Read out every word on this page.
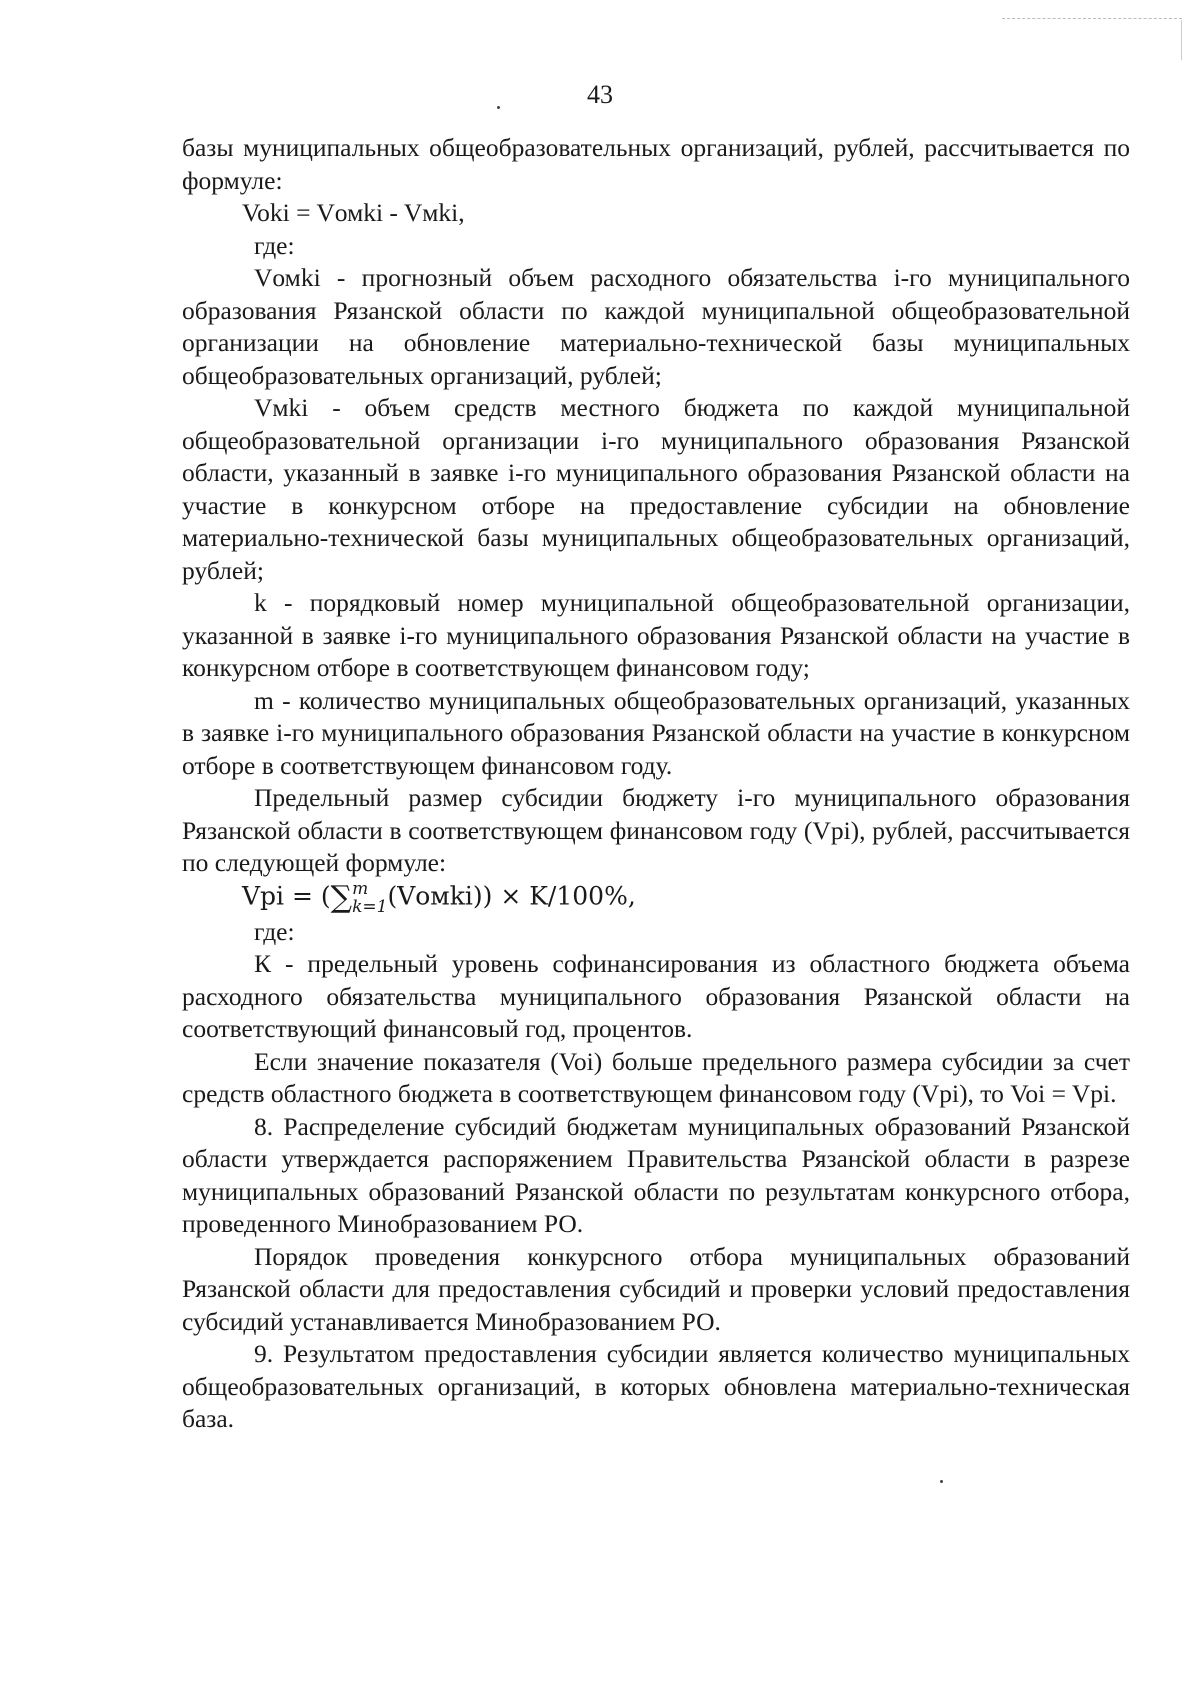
43

базы муниципальных общеобразовательных организаций, рублей, рассчитывается по формуле:

Voki = Vомki - Vмki,

где:

Vомki - прогнозный объем расходного обязательства i-го муниципального образования Рязанской области по каждой муниципальной общеобразовательной организации на обновление материально-технической базы муниципальных общеобразовательных организаций, рублей;

Vмki - объем средств местного бюджета по каждой муниципальной общеобразовательной организации i-го муниципального образования Рязанской области, указанный в заявке i-го муниципального образования Рязанской области на участие в конкурсном отборе на предоставление субсидии на обновление материально-технической базы муниципальных общеобразовательных организаций, рублей;

k - порядковый номер муниципальной общеобразовательной организации, указанной в заявке i-го муниципального образования Рязанской области на участие в конкурсном отборе в соответствующем финансовом году;

m - количество муниципальных общеобразовательных организаций, указанных в заявке i-го муниципального образования Рязанской области на участие в конкурсном отборе в соответствующем финансовом году.

Предельный размер субсидии бюджету i-го муниципального образования Рязанской области в соответствующем финансовом году (Vpi), рублей, рассчитывается по следующей формуле:

Vpi = (∑ m
k=1 (Vомki)) × K/100%,

где:

К - предельный уровень софинансирования из областного бюджета объема расходного обязательства муниципального образования Рязанской области на соответствующий финансовый год, процентов.

Если значение показателя (Voi) больше предельного размера субсидии за счет средств областного бюджета в соответствующем финансовом году (Vpi), то Voi = Vpi.

8. Распределение субсидий бюджетам муниципальных образований Рязанской области утверждается распоряжением Правительства Рязанской области в разрезе муниципальных образований Рязанской области по результатам конкурсного отбора, проведенного Минобразованием РО.

Порядок проведения конкурсного отбора муниципальных образований Рязанской области для предоставления субсидий и проверки условий предоставления субсидий устанавливается Минобразованием РО.

9. Результатом предоставления субсидии является количество муниципальных общеобразовательных организаций, в которых обновлена материально-техническая база.
